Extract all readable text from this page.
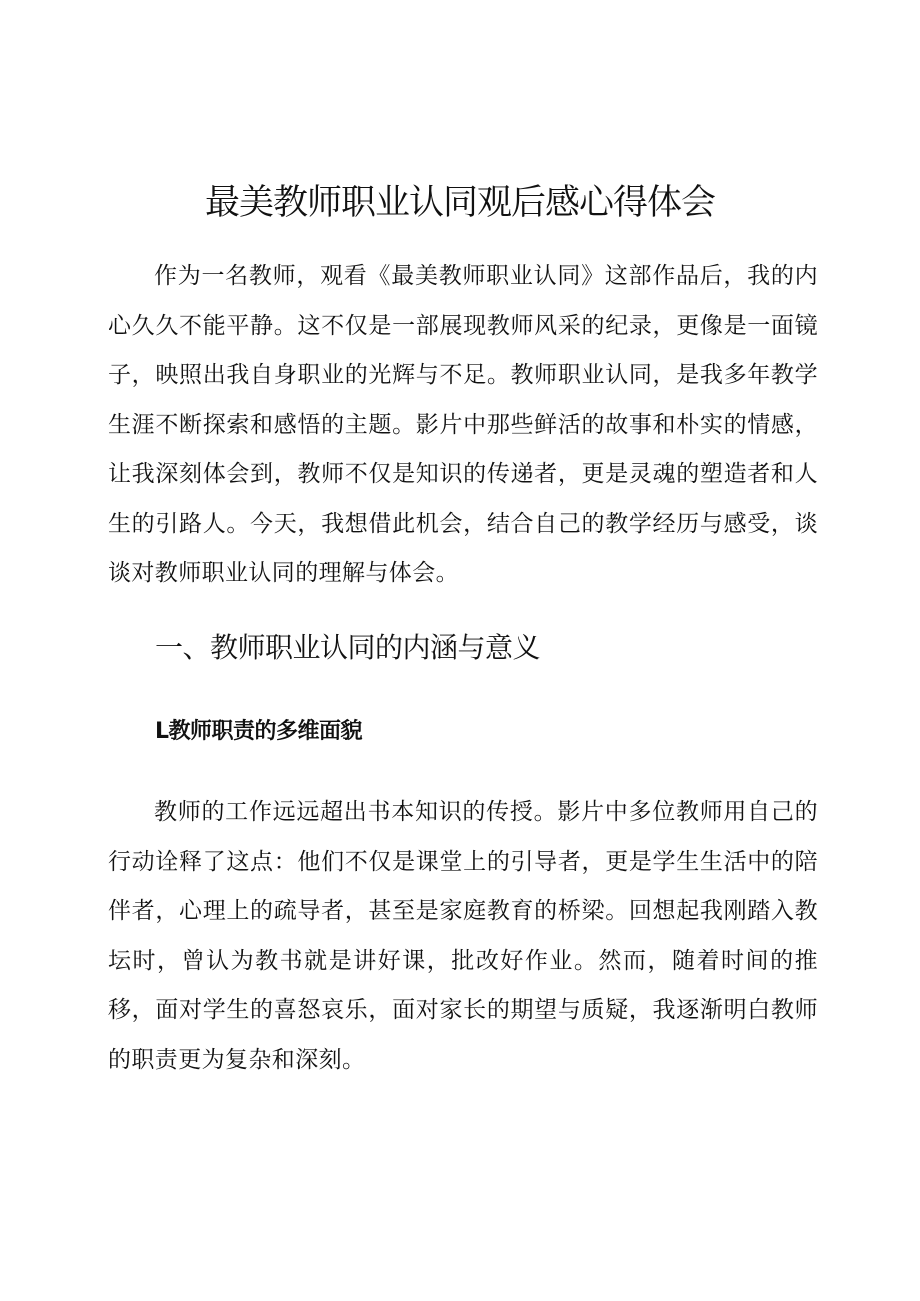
最美教师职业认同观后感心得体会

作为一名教师，观看《最美教师职业认同》这部作品后，我的内心久久不能平静。这不仅是一部展现教师风采的纪录，更像是一面镜子，映照出我自身职业的光辉与不足。教师职业认同，是我多年教学生涯不断探索和感悟的主题。影片中那些鲜活的故事和朴实的情感，让我深刻体会到，教师不仅是知识的传递者，更是灵魂的塑造者和人生的引路人。今天，我想借此机会，结合自己的教学经历与感受，谈谈对教师职业认同的理解与体会。

一、教师职业认同的内涵与意义
L教师职责的多维面貌

教师的工作远远超出书本知识的传授。影片中多位教师用自己的行动诠释了这点：他们不仅是课堂上的引导者，更是学生生活中的陪伴者，心理上的疏导者，甚至是家庭教育的桥梁。回想起我刚踏入教坛时，曾认为教书就是讲好课，批改好作业。然而，随着时间的推移，面对学生的喜怒哀乐，面对家长的期望与质疑，我逐渐明白教师的职责更为复杂和深刻。
